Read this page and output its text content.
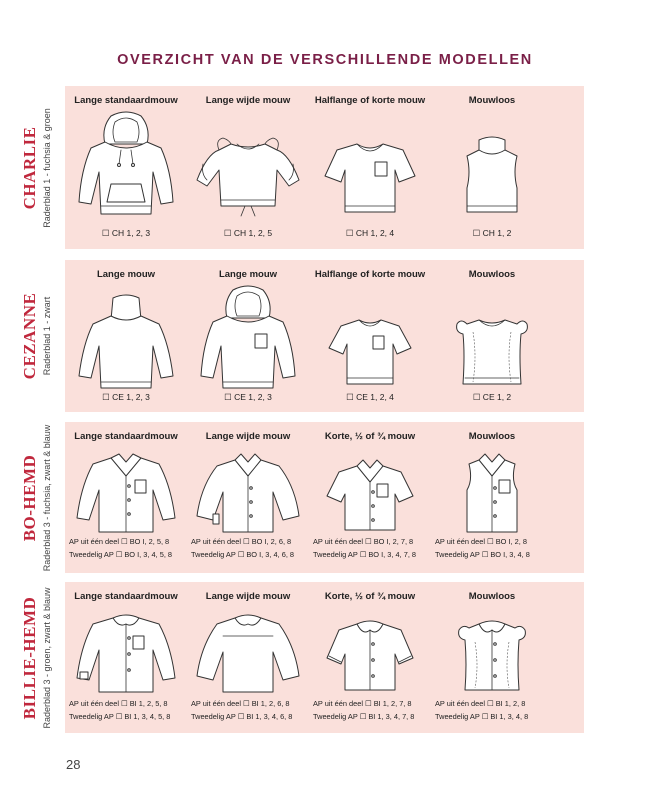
OVERZICHT VAN DE VERSCHILLENDE MODELLEN
CHARLIE Raderblad 1 - fuchsia & groen
Lange standaardmouw
☐ CH 1, 2, 3
Lange wijde mouw
☐ CH 1, 2, 5
Halflange of korte mouw
☐ CH 1, 2, 4
Mouwloos
☐ CH 1, 2
CEZANNE Raderblad 1 - zwart
Lange mouw
☐ CE 1, 2, 3
Lange mouw
☐ CE 1, 2, 3
Halflange of korte mouw
☐ CE 1, 2, 4
Mouwloos
☐ CE 1, 2
BO-HEMD Raderblad 3 - fuchsia, zwart & blauw	Lange standaardmouw
AP uit één deel ☐ BO I, 2, 5, 8
Tweedelig AP ☐ BO I, 3, 4, 5, 8
Lange wijde mouw
AP uit één deel ☐ BO I, 2, 6, 8
Tweedelig AP ☐ BO I, 3, 4, 6, 8
Korte, ½ of ¾ mouw
AP uit één deel ☐ BO I, 2, 7, 8
Tweedelig AP ☐ BO I, 3, 4, 7, 8
Mouwloos
AP uit één deel ☐ BO I, 2, 8
Tweedelig AP ☐ BO I, 3, 4, 8
BILLIE-HEMD Raderblad 3 - groen, zwart & blauw	Lange standaardmouw
AP uit één deel ☐ BI 1, 2, 5, 8
Tweedelig AP ☐ BI 1, 3, 4, 5, 8
Lange wijde mouw
AP uit één deel ☐ BI 1, 2, 6, 8
Tweedelig AP ☐ BI 1, 3, 4, 6, 8
Korte, ½ of ¾ mouw
AP uit één deel ☐ BI 1, 2, 7, 8
Tweedelig AP ☐ BI 1, 3, 4, 7, 8
Mouwloos
AP uit één deel ☐ BI 1, 2, 8
Tweedelig AP ☐ BI 1, 3, 4, 8
28
